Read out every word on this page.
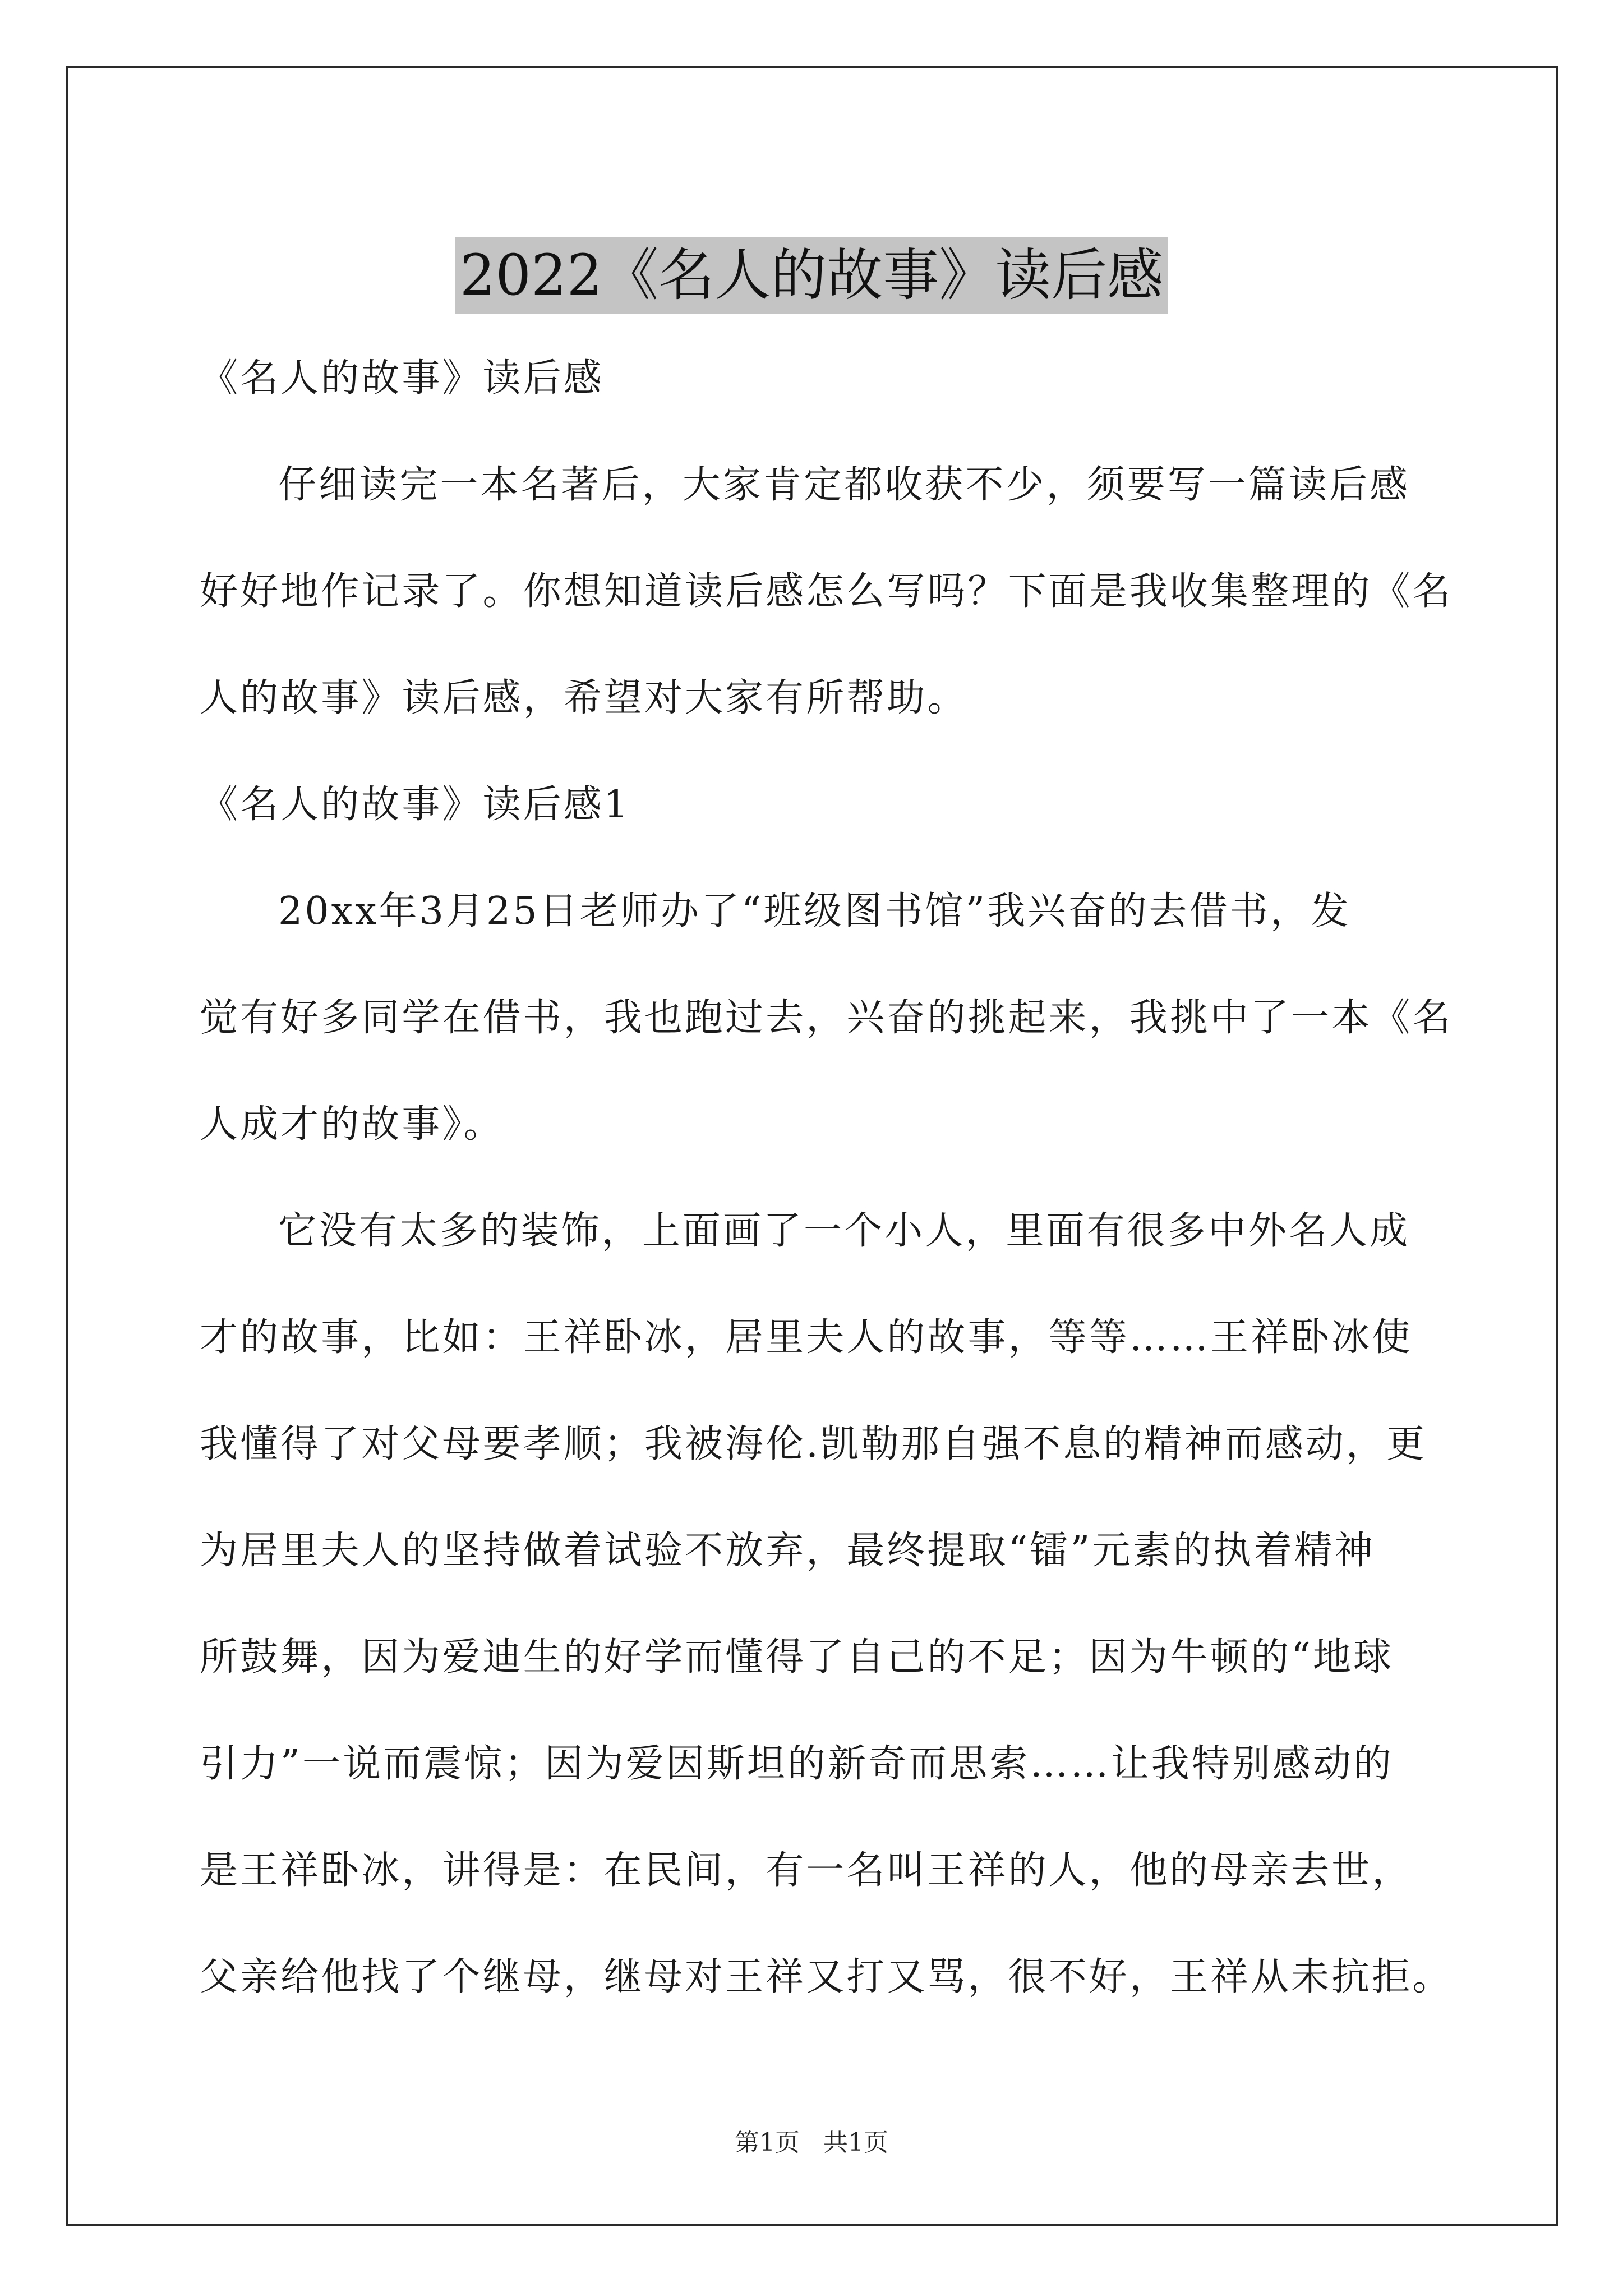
2022《名人的故事》读后感
《名人的故事》读后感
仔细读完一本名著后，大家肯定都收获不少，须要写一篇读后感
好好地作记录了。你想知道读后感怎么写吗？下面是我收集整理的《名
人的故事》读后感，希望对大家有所帮助。
《名人的故事》读后感1
20xx年3月25日老师办了“班级图书馆”我兴奋的去借书，发
觉有好多同学在借书，我也跑过去，兴奋的挑起来，我挑中了一本《名
人成才的故事》。
它没有太多的装饰，上面画了一个小人，里面有很多中外名人成
才的故事，比如：王祥卧冰，居里夫人的故事，等等……王祥卧冰使
我懂得了对父母要孝顺；我被海伦.凯勒那自强不息的精神而感动，更
为居里夫人的坚持做着试验不放弃，最终提取“镭”元素的执着精神
所鼓舞，因为爱迪生的好学而懂得了自己的不足；因为牛顿的“地球
引力”一说而震惊；因为爱因斯坦的新奇而思索……让我特别感动的
是王祥卧冰，讲得是：在民间，有一名叫王祥的人，他的母亲去世，
父亲给他找了个继母，继母对王祥又打又骂，很不好，王祥从未抗拒。
第1页 共1页
